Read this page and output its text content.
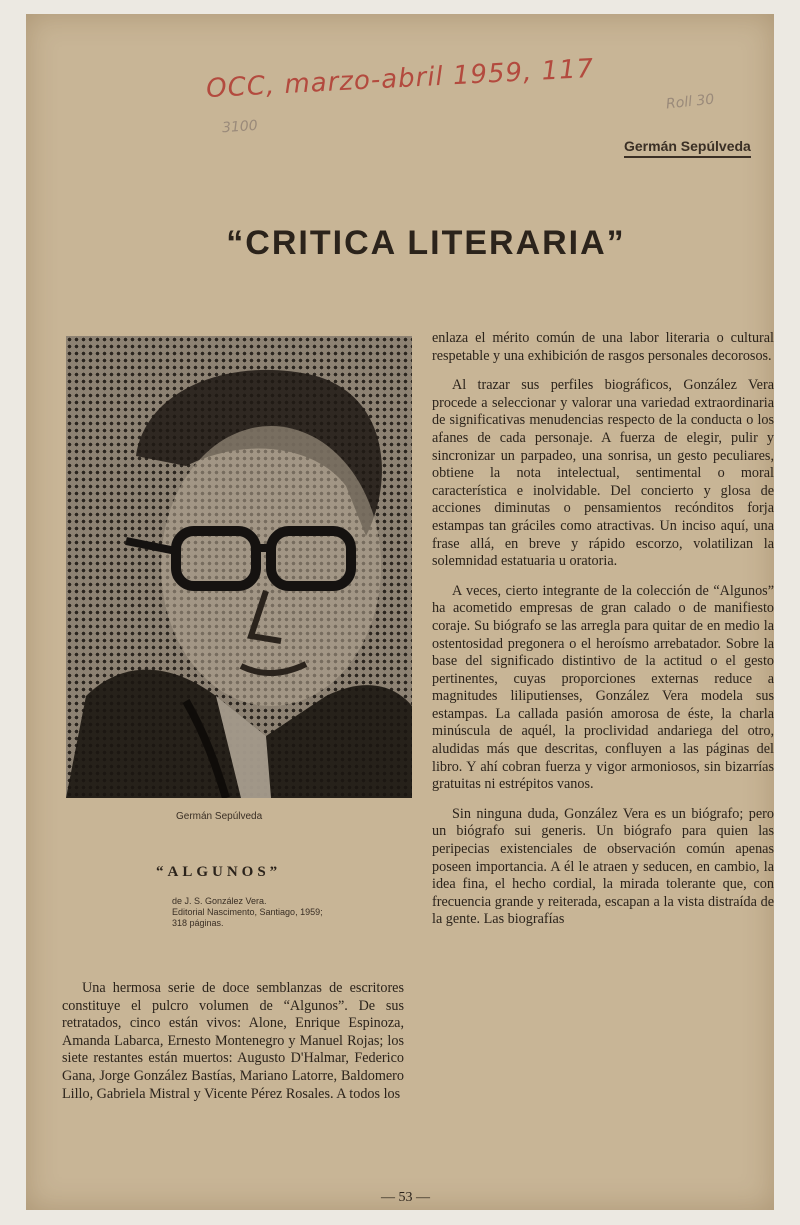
OCC, marzo-abril 1959, 117
3100
Roll 30
Germán Sepúlveda
“CRITICA LITERARIA”
Germán Sepúlveda
“ALGUNOS”
de J. S. González Vera.
Editorial Nascimento, Santiago, 1959;
318 páginas.

Una hermosa serie de doce semblanzas de escritores constituye el pulcro volumen de “Algunos”. De sus retratados, cinco están vivos: Alone, Enrique Espinoza, Amanda Labarca, Ernesto Montenegro y Manuel Rojas; los siete restantes están muertos: Augusto D'Halmar, Federico Gana, Jorge González Bastías, Mariano Latorre, Baldomero Lillo, Gabriela Mistral y Vicente Pérez Rosales. A todos los

enlaza el mérito común de una labor literaria o cultural respetable y una exhibición de rasgos personales decorosos.

Al trazar sus perfiles biográficos, González Vera procede a seleccionar y valorar una variedad extraordinaria de significativas menudencias respecto de la conducta o los afanes de cada personaje. A fuerza de elegir, pulir y sincronizar un parpadeo, una sonrisa, un gesto peculiares, obtiene la nota intelectual, sentimental o moral característica e inolvidable. Del concierto y glosa de acciones diminutas o pensamientos recónditos forja estampas tan gráciles como atractivas. Un inciso aquí, una frase allá, en breve y rápido escorzo, volatilizan la solemnidad estatuaria u oratoria.

A veces, cierto integrante de la colección de “Algunos” ha acometido empresas de gran calado o de manifiesto coraje. Su biógrafo se las arregla para quitar de en medio la ostentosidad pregonera o el heroísmo arrebatador. Sobre la base del significado distintivo de la actitud o el gesto pertinentes, cuyas proporciones externas reduce a magnitudes liliputienses, González Vera modela sus estampas. La callada pasión amorosa de éste, la charla minúscula de aquél, la proclividad andariega del otro, aludidas más que descritas, confluyen a las páginas del libro. Y ahí cobran fuerza y vigor armoniosos, sin bizarrías gratuitas ni estrépitos vanos.

Sin ninguna duda, González Vera es un biógrafo; pero un biógrafo sui generis. Un biógrafo para quien las peripecias existenciales de observación común apenas poseen importancia. A él le atraen y seducen, en cambio, la idea fina, el hecho cordial, la mirada tolerante que, con frecuencia grande y reiterada, escapan a la vista distraída de la gente. Las biografías

— 53 —
